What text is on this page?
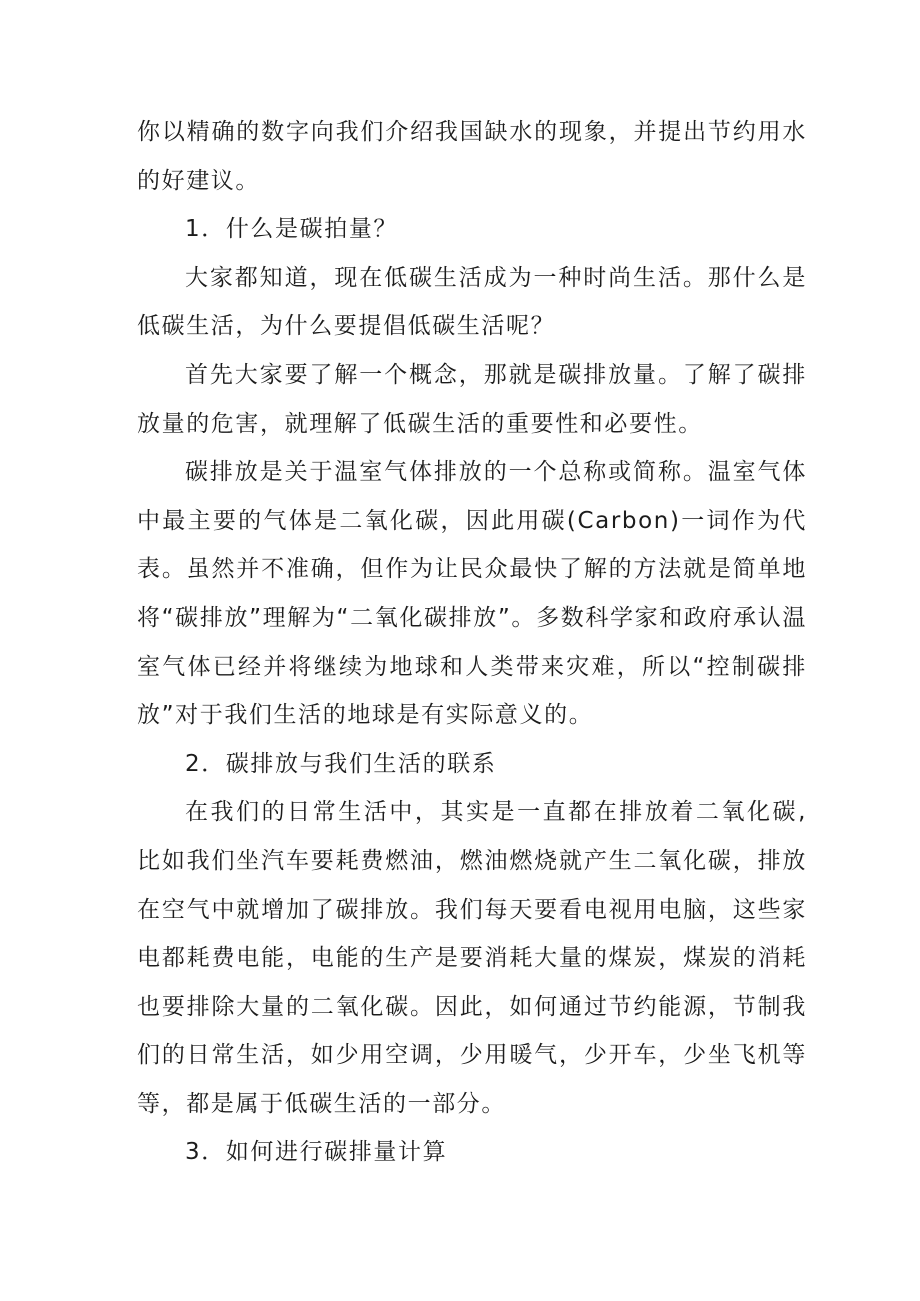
你以精确的数字向我们介绍我国缺水的现象，并提出节约用水的好建议。

1．什么是碳拍量？

大家都知道，现在低碳生活成为一种时尚生活。那什么是低碳生活，为什么要提倡低碳生活呢？

首先大家要了解一个概念，那就是碳排放量。了解了碳排放量的危害，就理解了低碳生活的重要性和必要性。

碳排放是关于温室气体排放的一个总称或简称。温室气体中最主要的气体是二氧化碳，因此用碳(Carbon)一词作为代表。虽然并不准确，但作为让民众最快了解的方法就是简单地将“碳排放”理解为“二氧化碳排放”。多数科学家和政府承认温室气体已经并将继续为地球和人类带来灾难，所以“控制碳排放”对于我们生活的地球是有实际意义的。

2．碳排放与我们生活的联系

在我们的日常生活中，其实是一直都在排放着二氧化碳,比如我们坐汽车要耗费燃油，燃油燃烧就产生二氧化碳，排放在空气中就增加了碳排放。我们每天要看电视用电脑，这些家电都耗费电能，电能的生产是要消耗大量的煤炭，煤炭的消耗也要排除大量的二氧化碳。因此，如何通过节约能源，节制我们的日常生活，如少用空调，少用暖气，少开车，少坐飞机等等，都是属于低碳生活的一部分。

3．如何进行碳排量计算
